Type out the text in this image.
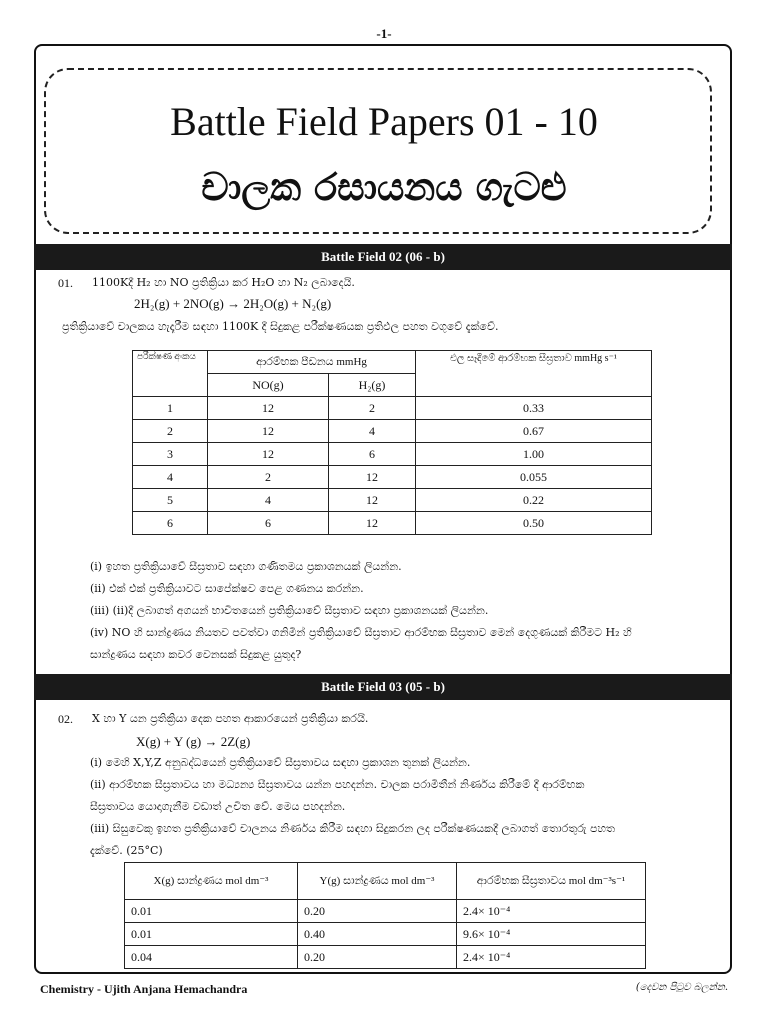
-1-
Battle Field Papers 01 - 10
චාලක රසායනය ගැටළු
Battle Field 02 (06 - b)
01. 1100Kදී H₂ හා NO ප්‍රතික්‍රියා කර H₂O හා N₂ ලබාදෙයි.
2H₂(g) + 2NO(g) → 2H₂O(g) + N₂(g)
ප්‍රතික්‍රියාවේ චාලකය හැදෑරීම සඳහා 1100K දී සිදුකළ පරීක්ෂණයක ප්‍රතිඵල පහත වගුවේ දැක්වේ.
පරීක්ෂණ අංකය	ආරම්භක පීඩනය mmHg		එල සෑදීමේ ආරම්භක සීඝ්‍රතාව mmHg s⁻¹
	NO(g)	H₂(g)	
1	12	2	0.33
2	12	4	0.67
3	12	6	1.00
4	2	12	0.055
5	4	12	0.22
6	6	12	0.50
(i) ඉහත ප්‍රතික්‍රියාවේ සීඝ්‍රතාව සඳහා ගණිතමය ප්‍රකාශනයක් ලියන්න.
(ii) එක් එක් ප්‍රතික්‍රියාවට සාපේක්ෂව පෙළ ගණනය කරන්න.
(iii) (ii)දී ලබාගත් අගයන් භාවිතයෙන් ප්‍රතික්‍රියාවේ සීඝ්‍රතාව සඳහා ප්‍රකාශනයක් ලියන්න.
(iv) NO හි සාන්ද්‍රණය නියතව පවත්වා ගනිමින් ප්‍රතික්‍රියාවේ සීඝ්‍රතාව ආරම්භක සීඝ්‍රතාව මෙන් දෙගුණයක් කිරීමට H₂ හි
සාන්ද්‍රණය සඳහා කවර වෙනසක් සිදුකළ යුතුද?
Battle Field 03 (05 - b)
02. X හා Y යන ප්‍රතික්‍රියා දෙක පහත ආකාරයෙන් ප්‍රතික්‍රියා කරයි.
X(g) + Y (g) → 2Z(g)
(i) මෙහි X,Y,Z අනුබද්ධයෙන් ප්‍රතික්‍රියාවේ සීඝ්‍රතාවය සඳහා ප්‍රකාශන තුනක් ලියන්න.
(ii) ආරම්භක සීඝ්‍රතාවය හා මධ්‍යන්‍ය සීඝ්‍රතාවය යන්න පහදන්න. චාලක පරාමිතීන් නිර්ණය කිරීමේ දී ආරම්භක
සීඝ්‍රතාවය යොදාගැනීම වඩාත් උචිත වේ. මෙය පහදන්න.
(iii) සිසුවෙකු ඉහත ප්‍රතික්‍රියාවේ චාලනය නිර්ණය කිරීම සඳහා සිදුකරන ලද පරීක්ෂණයකදී ලබාගත් තොරතුරු පහත
දැක්වේ. (25°C)
X(g) සාන්ද්‍රණය mol dm⁻³	Y(g) සාන්ද්‍රණය mol dm⁻³	ආරම්භක සීඝ්‍රතාවය mol dm⁻³s⁻¹
0.01	0.20	2.4× 10⁻⁴
0.01	0.40	9.6× 10⁻⁴
0.04	0.20	2.4× 10⁻⁴
Chemistry - Ujith Anjana Hemachandra	(දෙවන පිටුව බලන්න.
